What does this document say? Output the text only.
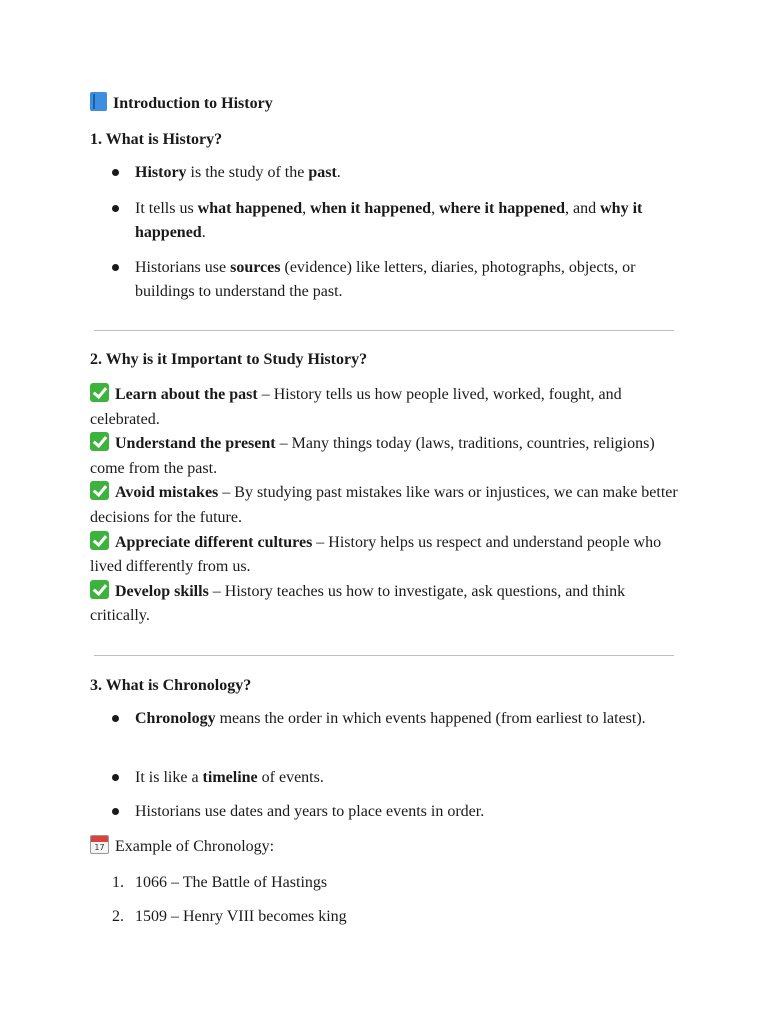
Introduction to History
1. What is History?
History is the study of the past.
It tells us what happened, when it happened, where it happened, and why it happened.
Historians use sources (evidence) like letters, diaries, photographs, objects, or buildings to understand the past.
2. Why is it Important to Study History?
Learn about the past – History tells us how people lived, worked, fought, and celebrated.
Understand the present – Many things today (laws, traditions, countries, religions) come from the past.
Avoid mistakes – By studying past mistakes like wars or injustices, we can make better decisions for the future.
Appreciate different cultures – History helps us respect and understand people who lived differently from us.
Develop skills – History teaches us how to investigate, ask questions, and think critically.
3. What is Chronology?
Chronology means the order in which events happened (from earliest to latest).
It is like a timeline of events.
Historians use dates and years to place events in order.
17 Example of Chronology:
1. 1066 – The Battle of Hastings
2. 1509 – Henry VIII becomes king
